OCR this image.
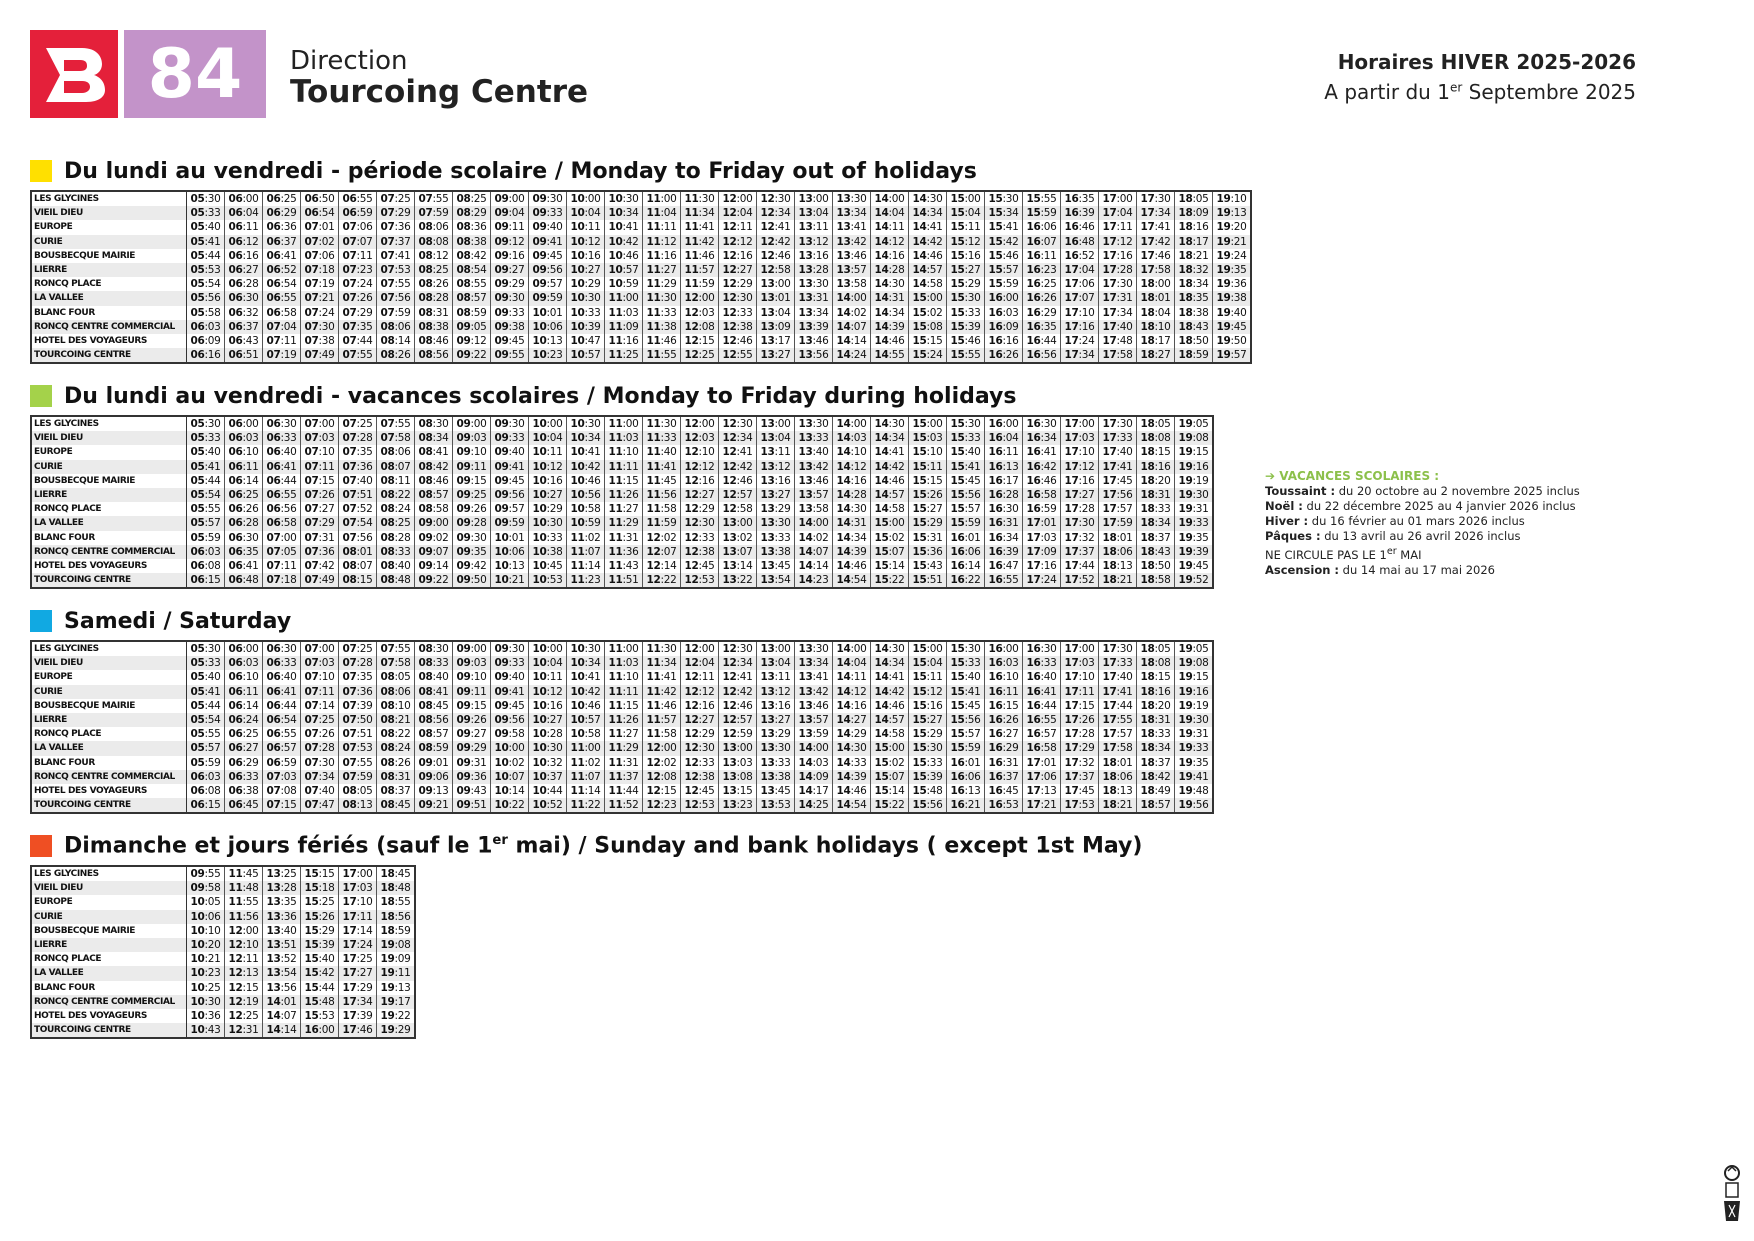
84 Direction
Tourcoing Centre
Horaires HIVER 2025-2026
A partir du 1er Septembre 2025
Du lundi au vendredi - période scolaire / Monday to Friday out of holidays
LES GLYCINES	05:30	06:00	06:25	06:50	06:55	07:25	07:55	08:25	09:00	09:30	10:00	10:30	11:00	11:30	12:00	12:30	13:00	13:30	14:00	14:30	15:00	15:30	15:55	16:35	17:00	17:30	18:05	19:10
VIEIL DIEU	05:33	06:04	06:29	06:54	06:59	07:29	07:59	08:29	09:04	09:33	10:04	10:34	11:04	11:34	12:04	12:34	13:04	13:34	14:04	14:34	15:04	15:34	15:59	16:39	17:04	17:34	18:09	19:13
EUROPE	05:40	06:11	06:36	07:01	07:06	07:36	08:06	08:36	09:11	09:40	10:11	10:41	11:11	11:41	12:11	12:41	13:11	13:41	14:11	14:41	15:11	15:41	16:06	16:46	17:11	17:41	18:16	19:20
CURIE	05:41	06:12	06:37	07:02	07:07	07:37	08:08	08:38	09:12	09:41	10:12	10:42	11:12	11:42	12:12	12:42	13:12	13:42	14:12	14:42	15:12	15:42	16:07	16:48	17:12	17:42	18:17	19:21
BOUSBECQUE MAIRIE	05:44	06:16	06:41	07:06	07:11	07:41	08:12	08:42	09:16	09:45	10:16	10:46	11:16	11:46	12:16	12:46	13:16	13:46	14:16	14:46	15:16	15:46	16:11	16:52	17:16	17:46	18:21	19:24
LIERRE	05:53	06:27	06:52	07:18	07:23	07:53	08:25	08:54	09:27	09:56	10:27	10:57	11:27	11:57	12:27	12:58	13:28	13:57	14:28	14:57	15:27	15:57	16:23	17:04	17:28	17:58	18:32	19:35
RONCQ PLACE	05:54	06:28	06:54	07:19	07:24	07:55	08:26	08:55	09:29	09:57	10:29	10:59	11:29	11:59	12:29	13:00	13:30	13:58	14:30	14:58	15:29	15:59	16:25	17:06	17:30	18:00	18:34	19:36
LA VALLEE	05:56	06:30	06:55	07:21	07:26	07:56	08:28	08:57	09:30	09:59	10:30	11:00	11:30	12:00	12:30	13:01	13:31	14:00	14:31	15:00	15:30	16:00	16:26	17:07	17:31	18:01	18:35	19:38
BLANC FOUR	05:58	06:32	06:58	07:24	07:29	07:59	08:31	08:59	09:33	10:01	10:33	11:03	11:33	12:03	12:33	13:04	13:34	14:02	14:34	15:02	15:33	16:03	16:29	17:10	17:34	18:04	18:38	19:40
RONCQ CENTRE COMMERCIAL	06:03	06:37	07:04	07:30	07:35	08:06	08:38	09:05	09:38	10:06	10:39	11:09	11:38	12:08	12:38	13:09	13:39	14:07	14:39	15:08	15:39	16:09	16:35	17:16	17:40	18:10	18:43	19:45
HOTEL DES VOYAGEURS	06:09	06:43	07:11	07:38	07:44	08:14	08:46	09:12	09:45	10:13	10:47	11:16	11:46	12:15	12:46	13:17	13:46	14:14	14:46	15:15	15:46	16:16	16:44	17:24	17:48	18:17	18:50	19:50
TOURCOING CENTRE	06:16	06:51	07:19	07:49	07:55	08:26	08:56	09:22	09:55	10:23	10:57	11:25	11:55	12:25	12:55	13:27	13:56	14:24	14:55	15:24	15:55	16:26	16:56	17:34	17:58	18:27	18:59	19:57
Du lundi au vendredi - vacances scolaires / Monday to Friday during holidays
LES GLYCINES	05:30	06:00	06:30	07:00	07:25	07:55	08:30	09:00	09:30	10:00	10:30	11:00	11:30	12:00	12:30	13:00	13:30	14:00	14:30	15:00	15:30	16:00	16:30	17:00	17:30	18:05	19:05
VIEIL DIEU	05:33	06:03	06:33	07:03	07:28	07:58	08:34	09:03	09:33	10:04	10:34	11:03	11:33	12:03	12:34	13:04	13:33	14:03	14:34	15:03	15:33	16:04	16:34	17:03	17:33	18:08	19:08
EUROPE	05:40	06:10	06:40	07:10	07:35	08:06	08:41	09:10	09:40	10:11	10:41	11:10	11:40	12:10	12:41	13:11	13:40	14:10	14:41	15:10	15:40	16:11	16:41	17:10	17:40	18:15	19:15
CURIE	05:41	06:11	06:41	07:11	07:36	08:07	08:42	09:11	09:41	10:12	10:42	11:11	11:41	12:12	12:42	13:12	13:42	14:12	14:42	15:11	15:41	16:13	16:42	17:12	17:41	18:16	19:16
BOUSBECQUE MAIRIE	05:44	06:14	06:44	07:15	07:40	08:11	08:46	09:15	09:45	10:16	10:46	11:15	11:45	12:16	12:46	13:16	13:46	14:16	14:46	15:15	15:45	16:17	16:46	17:16	17:45	18:20	19:19
LIERRE	05:54	06:25	06:55	07:26	07:51	08:22	08:57	09:25	09:56	10:27	10:56	11:26	11:56	12:27	12:57	13:27	13:57	14:28	14:57	15:26	15:56	16:28	16:58	17:27	17:56	18:31	19:30
RONCQ PLACE	05:55	06:26	06:56	07:27	07:52	08:24	08:58	09:26	09:57	10:29	10:58	11:27	11:58	12:29	12:58	13:29	13:58	14:30	14:58	15:27	15:57	16:30	16:59	17:28	17:57	18:33	19:31
LA VALLEE	05:57	06:28	06:58	07:29	07:54	08:25	09:00	09:28	09:59	10:30	10:59	11:29	11:59	12:30	13:00	13:30	14:00	14:31	15:00	15:29	15:59	16:31	17:01	17:30	17:59	18:34	19:33
BLANC FOUR	05:59	06:30	07:00	07:31	07:56	08:28	09:02	09:30	10:01	10:33	11:02	11:31	12:02	12:33	13:02	13:33	14:02	14:34	15:02	15:31	16:01	16:34	17:03	17:32	18:01	18:37	19:35
RONCQ CENTRE COMMERCIAL	06:03	06:35	07:05	07:36	08:01	08:33	09:07	09:35	10:06	10:38	11:07	11:36	12:07	12:38	13:07	13:38	14:07	14:39	15:07	15:36	16:06	16:39	17:09	17:37	18:06	18:43	19:39
HOTEL DES VOYAGEURS	06:08	06:41	07:11	07:42	08:07	08:40	09:14	09:42	10:13	10:45	11:14	11:43	12:14	12:45	13:14	13:45	14:14	14:46	15:14	15:43	16:14	16:47	17:16	17:44	18:13	18:50	19:45
TOURCOING CENTRE	06:15	06:48	07:18	07:49	08:15	08:48	09:22	09:50	10:21	10:53	11:23	11:51	12:22	12:53	13:22	13:54	14:23	14:54	15:22	15:51	16:22	16:55	17:24	17:52	18:21	18:58	19:52
Samedi / Saturday
LES GLYCINES	05:30	06:00	06:30	07:00	07:25	07:55	08:30	09:00	09:30	10:00	10:30	11:00	11:30	12:00	12:30	13:00	13:30	14:00	14:30	15:00	15:30	16:00	16:30	17:00	17:30	18:05	19:05
VIEIL DIEU	05:33	06:03	06:33	07:03	07:28	07:58	08:33	09:03	09:33	10:04	10:34	11:03	11:34	12:04	12:34	13:04	13:34	14:04	14:34	15:04	15:33	16:03	16:33	17:03	17:33	18:08	19:08
EUROPE	05:40	06:10	06:40	07:10	07:35	08:05	08:40	09:10	09:40	10:11	10:41	11:10	11:41	12:11	12:41	13:11	13:41	14:11	14:41	15:11	15:40	16:10	16:40	17:10	17:40	18:15	19:15
CURIE	05:41	06:11	06:41	07:11	07:36	08:06	08:41	09:11	09:41	10:12	10:42	11:11	11:42	12:12	12:42	13:12	13:42	14:12	14:42	15:12	15:41	16:11	16:41	17:11	17:41	18:16	19:16
BOUSBECQUE MAIRIE	05:44	06:14	06:44	07:14	07:39	08:10	08:45	09:15	09:45	10:16	10:46	11:15	11:46	12:16	12:46	13:16	13:46	14:16	14:46	15:16	15:45	16:15	16:44	17:15	17:44	18:20	19:19
LIERRE	05:54	06:24	06:54	07:25	07:50	08:21	08:56	09:26	09:56	10:27	10:57	11:26	11:57	12:27	12:57	13:27	13:57	14:27	14:57	15:27	15:56	16:26	16:55	17:26	17:55	18:31	19:30
RONCQ PLACE	05:55	06:25	06:55	07:26	07:51	08:22	08:57	09:27	09:58	10:28	10:58	11:27	11:58	12:29	12:59	13:29	13:59	14:29	14:58	15:29	15:57	16:27	16:57	17:28	17:57	18:33	19:31
LA VALLEE	05:57	06:27	06:57	07:28	07:53	08:24	08:59	09:29	10:00	10:30	11:00	11:29	12:00	12:30	13:00	13:30	14:00	14:30	15:00	15:30	15:59	16:29	16:58	17:29	17:58	18:34	19:33
BLANC FOUR	05:59	06:29	06:59	07:30	07:55	08:26	09:01	09:31	10:02	10:32	11:02	11:31	12:02	12:33	13:03	13:33	14:03	14:33	15:02	15:33	16:01	16:31	17:01	17:32	18:01	18:37	19:35
RONCQ CENTRE COMMERCIAL	06:03	06:33	07:03	07:34	07:59	08:31	09:06	09:36	10:07	10:37	11:07	11:37	12:08	12:38	13:08	13:38	14:09	14:39	15:07	15:39	16:06	16:37	17:06	17:37	18:06	18:42	19:41
HOTEL DES VOYAGEURS	06:08	06:38	07:08	07:40	08:05	08:37	09:13	09:43	10:14	10:44	11:14	11:44	12:15	12:45	13:15	13:45	14:17	14:46	15:14	15:48	16:13	16:45	17:13	17:45	18:13	18:49	19:48
TOURCOING CENTRE	06:15	06:45	07:15	07:47	08:13	08:45	09:21	09:51	10:22	10:52	11:22	11:52	12:23	12:53	13:23	13:53	14:25	14:54	15:22	15:56	16:21	16:53	17:21	17:53	18:21	18:57	19:56
Dimanche et jours fériés (sauf le 1er mai) / Sunday and bank holidays ( except 1st May)
LES GLYCINES	09:55	11:45	13:25	15:15	17:00	18:45
VIEIL DIEU	09:58	11:48	13:28	15:18	17:03	18:48
EUROPE	10:05	11:55	13:35	15:25	17:10	18:55
CURIE	10:06	11:56	13:36	15:26	17:11	18:56
BOUSBECQUE MAIRIE	10:10	12:00	13:40	15:29	17:14	18:59
LIERRE	10:20	12:10	13:51	15:39	17:24	19:08
RONCQ PLACE	10:21	12:11	13:52	15:40	17:25	19:09
LA VALLEE	10:23	12:13	13:54	15:42	17:27	19:11
BLANC FOUR	10:25	12:15	13:56	15:44	17:29	19:13
RONCQ CENTRE COMMERCIAL	10:30	12:19	14:01	15:48	17:34	19:17
HOTEL DES VOYAGEURS	10:36	12:25	14:07	15:53	17:39	19:22
TOURCOING CENTRE	10:43	12:31	14:14	16:00	17:46	19:29
➔ VACANCES SCOLAIRES :
Toussaint : du 20 octobre au 2 novembre 2025 inclus
Noël : du 22 décembre 2025 au 4 janvier 2026 inclus
Hiver : du 16 février au 01 mars 2026 inclus
Pâques : du 13 avril au 26 avril 2026 inclus
NE CIRCULE PAS LE 1er MAI
Ascension : du 14 mai au 17 mai 2026
